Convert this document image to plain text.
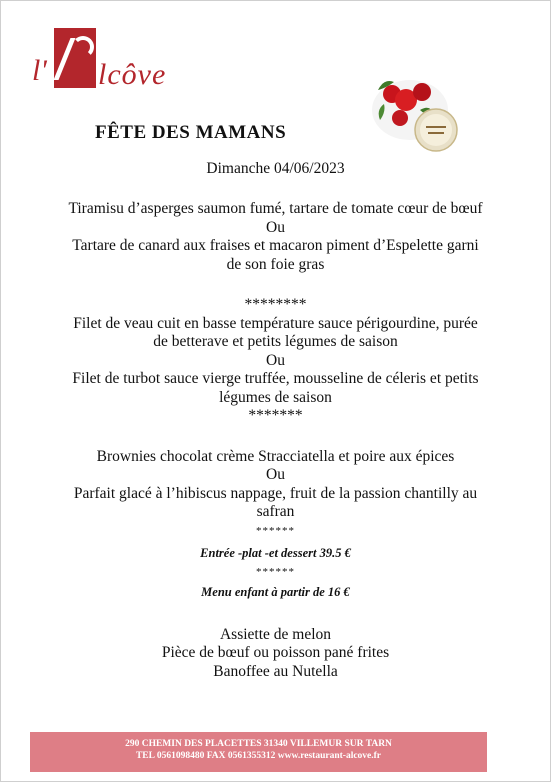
l' lcôve
FÊTE DES MAMANS
Dimanche 04/06/2023

Tiramisu d’asperges saumon fumé, tartare de tomate cœur de bœuf

Ou

Tartare de canard aux fraises et macaron piment d’Espelette garni

de son foie gras

********

Filet de veau cuit en basse température sauce périgourdine, purée

de betterave et petits légumes de saison

Ou

Filet de turbot sauce vierge truffée, mousseline de céleris et petits

légumes de saison

*******

Brownies chocolat crème Stracciatella et poire aux épices

Ou

Parfait glacé à l’hibiscus nappage, fruit de la passion chantilly au

safran

******

Entrée -plat -et dessert 39.5 €

******

Menu enfant à partir de 16 €

Assiette de melon

Pièce de bœuf ou poisson pané frites

Banoffee au Nutella

290 CHEMIN DES PLACETTES 31340 VILLEMUR SUR TARN
TEL 0561098480 FAX 0561355312 www.restaurant-alcove.fr
